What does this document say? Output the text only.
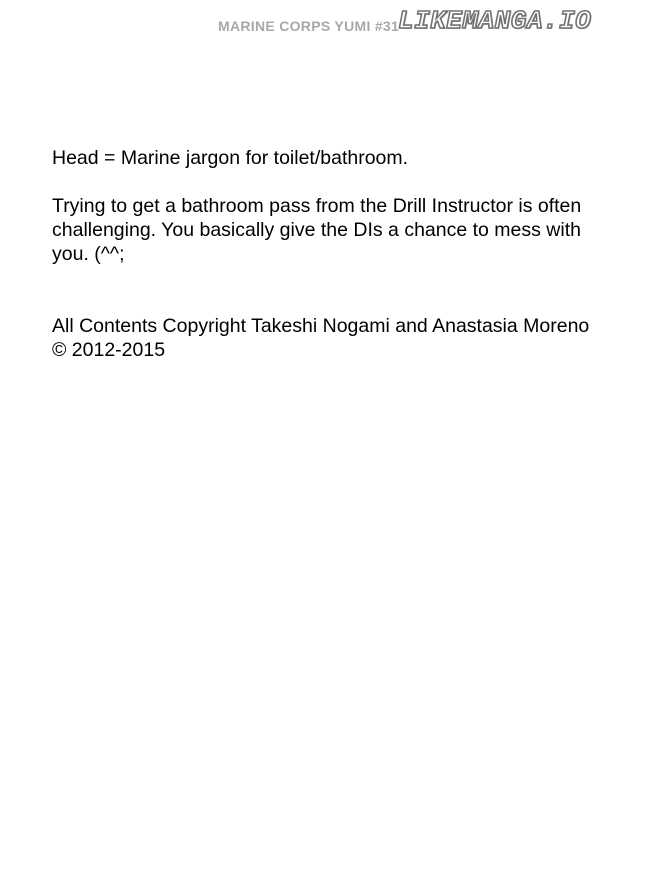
MARINE CORPS YUMI #31
LIKEMANGA.IO

Head = Marine jargon for toilet/bathroom.

Trying to get a bathroom pass from the Drill Instructor is often challenging. You basically give the DIs a chance to mess with you. (^^;

All Contents Copyright Takeshi Nogami and Anastasia Moreno © 2012-2015
